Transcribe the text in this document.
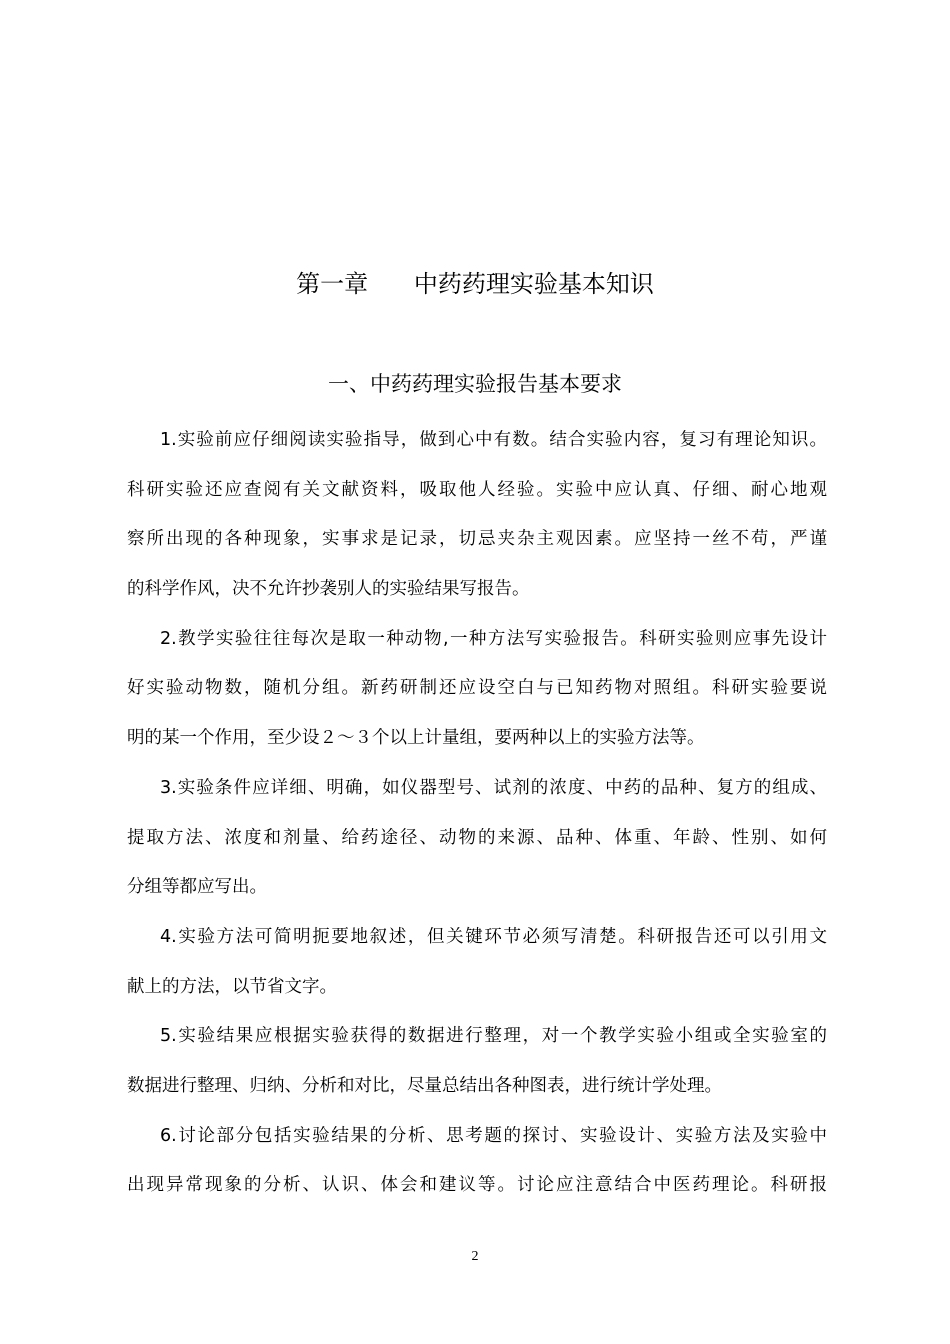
第一章      中药药理实验基本知识
一、中药药理实验报告基本要求
1.实验前应仔细阅读实验指导，做到心中有数。结合实验内容，复习有理论知识。
科研实验还应查阅有关文献资料，吸取他人经验。实验中应认真、仔细、耐心地观
察所出现的各种现象，实事求是记录，切忌夹杂主观因素。应坚持一丝不苟，严谨
的科学作风，决不允许抄袭别人的实验结果写报告。
2.教学实验往往每次是取一种动物,一种方法写实验报告。科研实验则应事先设计
好实验动物数，随机分组。新药研制还应设空白与已知药物对照组。科研实验要说
明的某一个作用，至少设２～３个以上计量组，要两种以上的实验方法等。
3.实验条件应详细、明确，如仪器型号、试剂的浓度、中药的品种、复方的组成、
提取方法、浓度和剂量、给药途径、动物的来源、品种、体重、年龄、性别、如何
分组等都应写出。
4.实验方法可简明扼要地叙述，但关键环节必须写清楚。科研报告还可以引用文
献上的方法，以节省文字。
5.实验结果应根据实验获得的数据进行整理，对一个教学实验小组或全实验室的
数据进行整理、归纳、分析和对比，尽量总结出各种图表，进行统计学处理。
6.讨论部分包括实验结果的分析、思考题的探讨、实验设计、实验方法及实验中
出现异常现象的分析、认识、体会和建议等。讨论应注意结合中医药理论。科研报
2
